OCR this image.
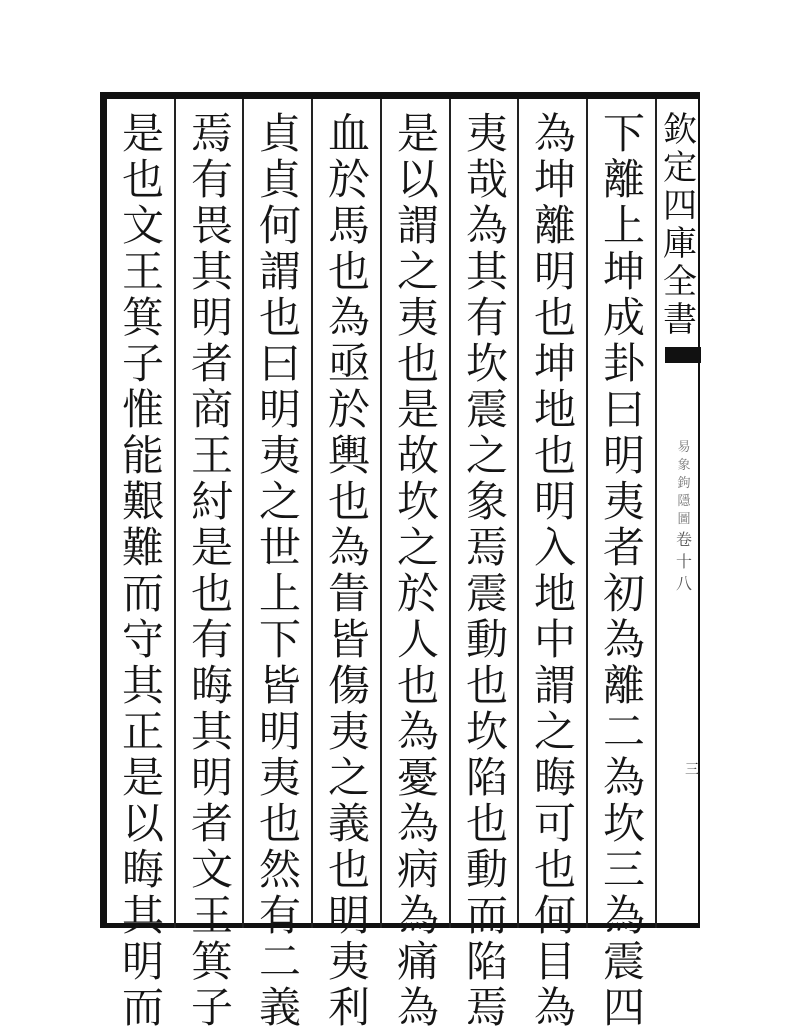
欽
定
四
庫
全
書
易
象
鉤
隱
圖
卷
十
八
三
下
離
上
坤
成
卦
曰
明
夷
者
初
為
離
二
為
坎
三
為
震
四
為
坤
離
明
也
坤
地
也
明
入
地
中
謂
之
晦
可
也
何
目
為
夷
哉
為
其
有
坎
震
之
象
焉
震
動
也
坎
陷
也
動
而
陷
焉
是
以
謂
之
夷
也
是
故
坎
之
於
人
也
為
憂
為
病
為
痛
為
血
於
馬
也
為
亟
於
輿
也
為
眚
皆
傷
夷
之
義
也
明
夷
利
貞
貞
何
謂
也
曰
明
夷
之
世
上
下
皆
明
夷
也
然
有
二
義
焉
有
畏
其
明
者
商
王
紂
是
也
有
晦
其
明
者
文
王
箕
子
是
也
文
王
箕
子
惟
能
艱
難
而
守
其
正
是
以
晦
其
明
而
